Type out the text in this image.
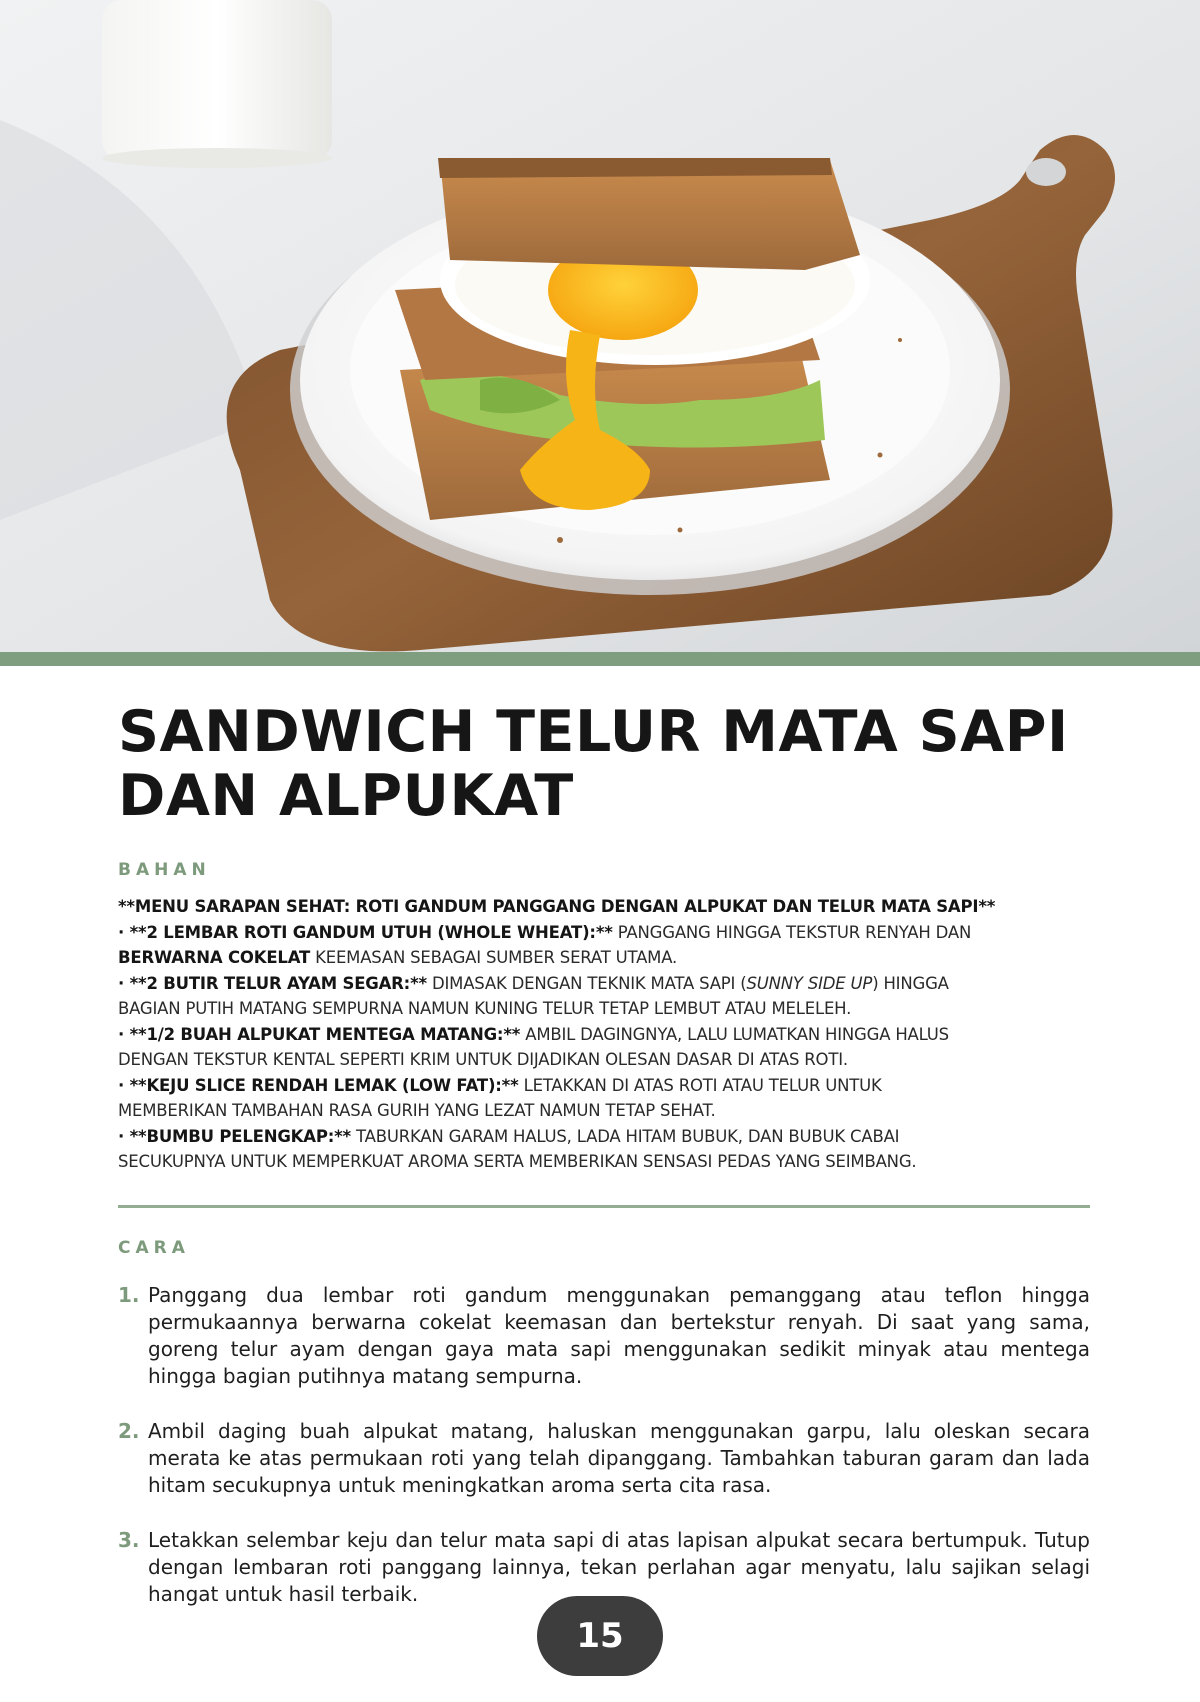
SANDWICH TELUR MATA SAPI
DAN ALPUKAT

BAHAN

**MENU SARAPAN SEHAT: ROTI GANDUM PANGGANG DENGAN ALPUKAT DAN TELUR MATA SAPI**
· **2 LEMBAR ROTI GANDUM UTUH (WHOLE WHEAT):** PANGGANG HINGGA TEKSTUR RENYAH DAN
BERWARNA COKELAT KEEMASAN SEBAGAI SUMBER SERAT UTAMA.
· **2 BUTIR TELUR AYAM SEGAR:** DIMASAK DENGAN TEKNIK MATA SAPI (SUNNY SIDE UP) HINGGA
BAGIAN PUTIH MATANG SEMPURNA NAMUN KUNING TELUR TETAP LEMBUT ATAU MELELEH.
· **1/2 BUAH ALPUKAT MENTEGA MATANG:** AMBIL DAGINGNYA, LALU LUMATKAN HINGGA HALUS
DENGAN TEKSTUR KENTAL SEPERTI KRIM UNTUK DIJADIKAN OLESAN DASAR DI ATAS ROTI.
· **KEJU SLICE RENDAH LEMAK (LOW FAT):** LETAKKAN DI ATAS ROTI ATAU TELUR UNTUK
MEMBERIKAN TAMBAHAN RASA GURIH YANG LEZAT NAMUN TETAP SEHAT.
· **BUMBU PELENGKAP:** TABURKAN GARAM HALUS, LADA HITAM BUBUK, DAN BUBUK CABAI
SECUKUPNYA UNTUK MEMPERKUAT AROMA SERTA MEMBERIKAN SENSASI PEDAS YANG SEIMBANG.

CARA

1. Panggang dua lembar roti gandum menggunakan pemanggang atau teflon hingga permukaannya berwarna cokelat keemasan dan bertekstur renyah. Di saat yang sama, goreng telur ayam dengan gaya mata sapi menggunakan sedikit minyak atau mentega hingga bagian putihnya matang sempurna.
2. Ambil daging buah alpukat matang, haluskan menggunakan garpu, lalu oleskan secara merata ke atas permukaan roti yang telah dipanggang. Tambahkan taburan garam dan lada hitam secukupnya untuk meningkatkan aroma serta cita rasa.
3. Letakkan selembar keju dan telur mata sapi di atas lapisan alpukat secara bertumpuk. Tutup dengan lembaran roti panggang lainnya, tekan perlahan agar menyatu, lalu sajikan selagi hangat untuk hasil terbaik.
15
